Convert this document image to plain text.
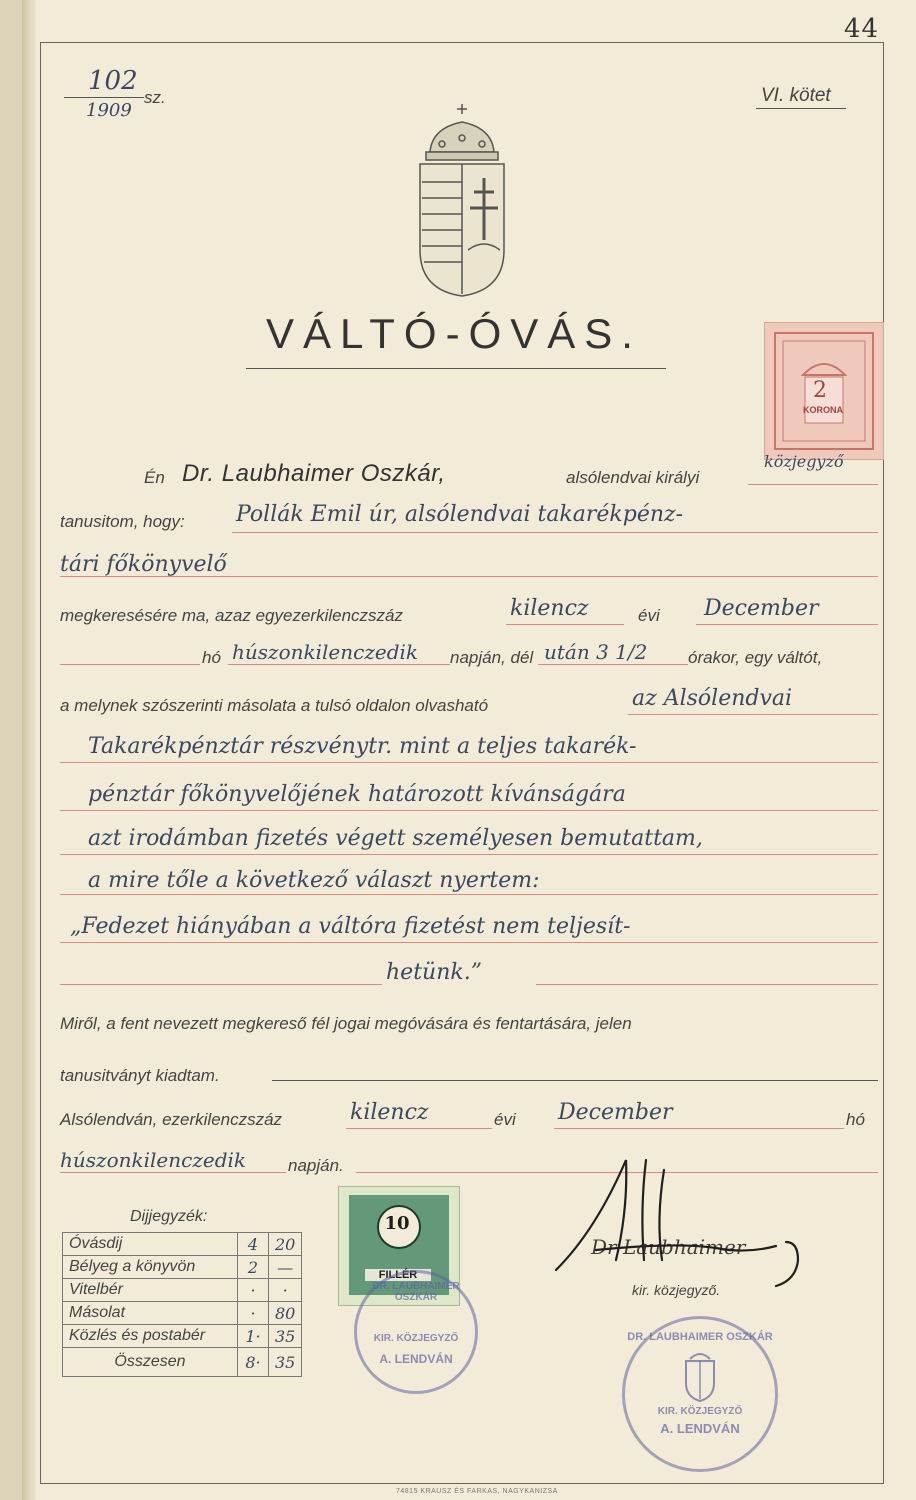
44
102
sz.
1909
VI. kötet
VÁLTÓ-ÓVÁS.
2
KORONA
Én Dr. Laubhaimer Oszkár,	alsólendvai királyi
közjegyző
tanusitom, hogy: Pollák Emil úr, alsólendvai takarékpénz-
tári főkönyvelő
megkeresésére ma, azaz egyezerkilenczszáz	kilencz	évi December
hó húszonkilenczedik napján, dél után 3 1/2 órakor, egy váltót,
a melynek szószerinti másolata a tulsó oldalon olvasható	az Alsólendvai
Takarékpénztár részvénytr. mint a teljes takarék-
pénztár főkönyvelőjének határozott kívánságára
azt irodámban fizetés végett személyesen bemutattam,
a mire tőle a következő választ nyertem:
„Fedezet hiányában a váltóra fizetést nem teljesít-
hetünk.”
Miről, a fent nevezett megkereső fél jogai megóvására és fentartására, jelen
tanusitványt kiadtam.
Alsólendván, ezerkilenczszáz	kilencz	évi December	hó
húszonkilenczedik napján.
Dijjegyzék:
Óvásdij	4	20
Bélyeg a könyvön	2	—
Vitelbér	·	·
Másolat	·	80
Közlés és postabér	1·	35
Összesen	8·	35
10
FILLÉR
DR. LAUBHAIMER OSZKÁR
KIR. KÖZJEGYZŐ
A. LENDVÁN
Dr Laubhaimer
kir. közjegyző.
DR. LAUBHAIMER OSZKÁR
KIR. KÖZJEGYZŐ
A. LENDVÁN
74815 KRAUSZ ÉS FARKAS, NAGYKANIZSA
